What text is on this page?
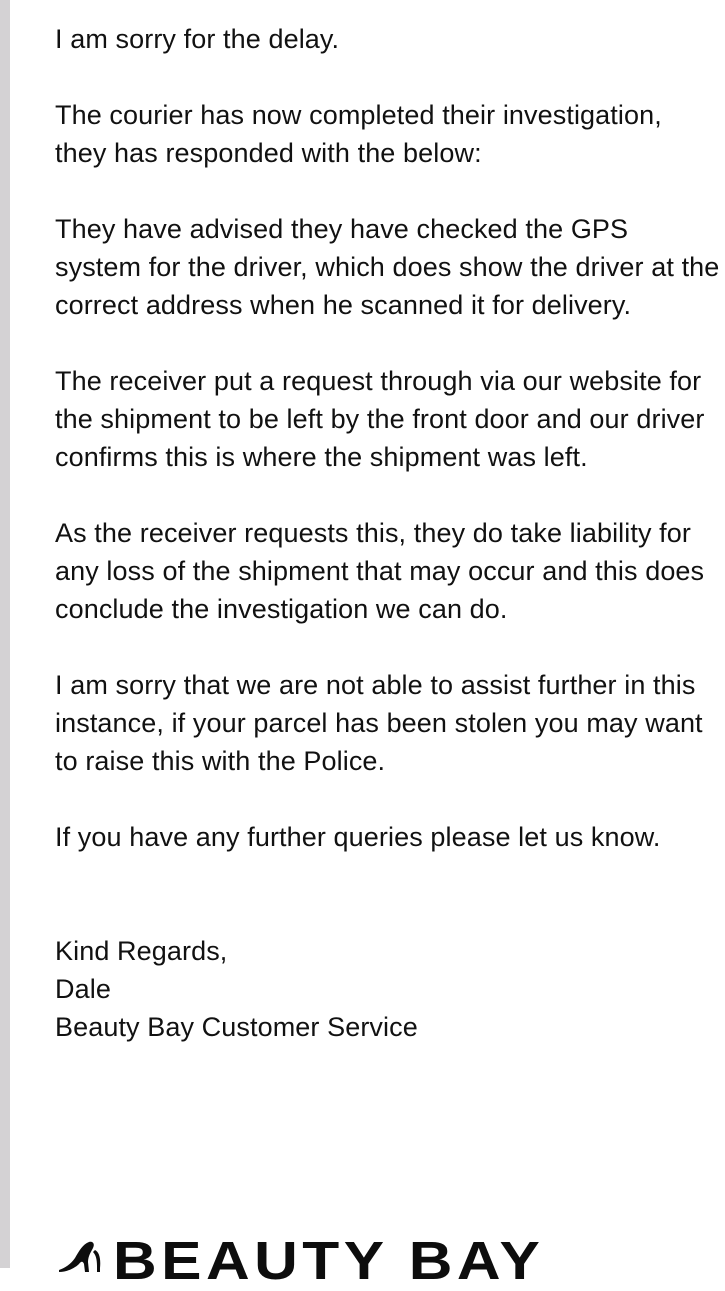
I am sorry for the delay.

The courier has now completed their investigation, they has responded with the below:

They have advised they have checked the GPS system for the driver, which does show the driver at the correct address when he scanned it for delivery.

The receiver put a request through via our website for the shipment to be left by the front door and our driver confirms this is where the shipment was left.

As the receiver requests this, they do take liability for any loss of the shipment that may occur and this does conclude the investigation we can do.

I am sorry that we are not able to assist further in this instance, if your parcel has been stolen you may want to raise this with the Police.

If you have any further queries please let us know.

Kind Regards,
Dale
Beauty Bay Customer Service
BEAUTY BAY
